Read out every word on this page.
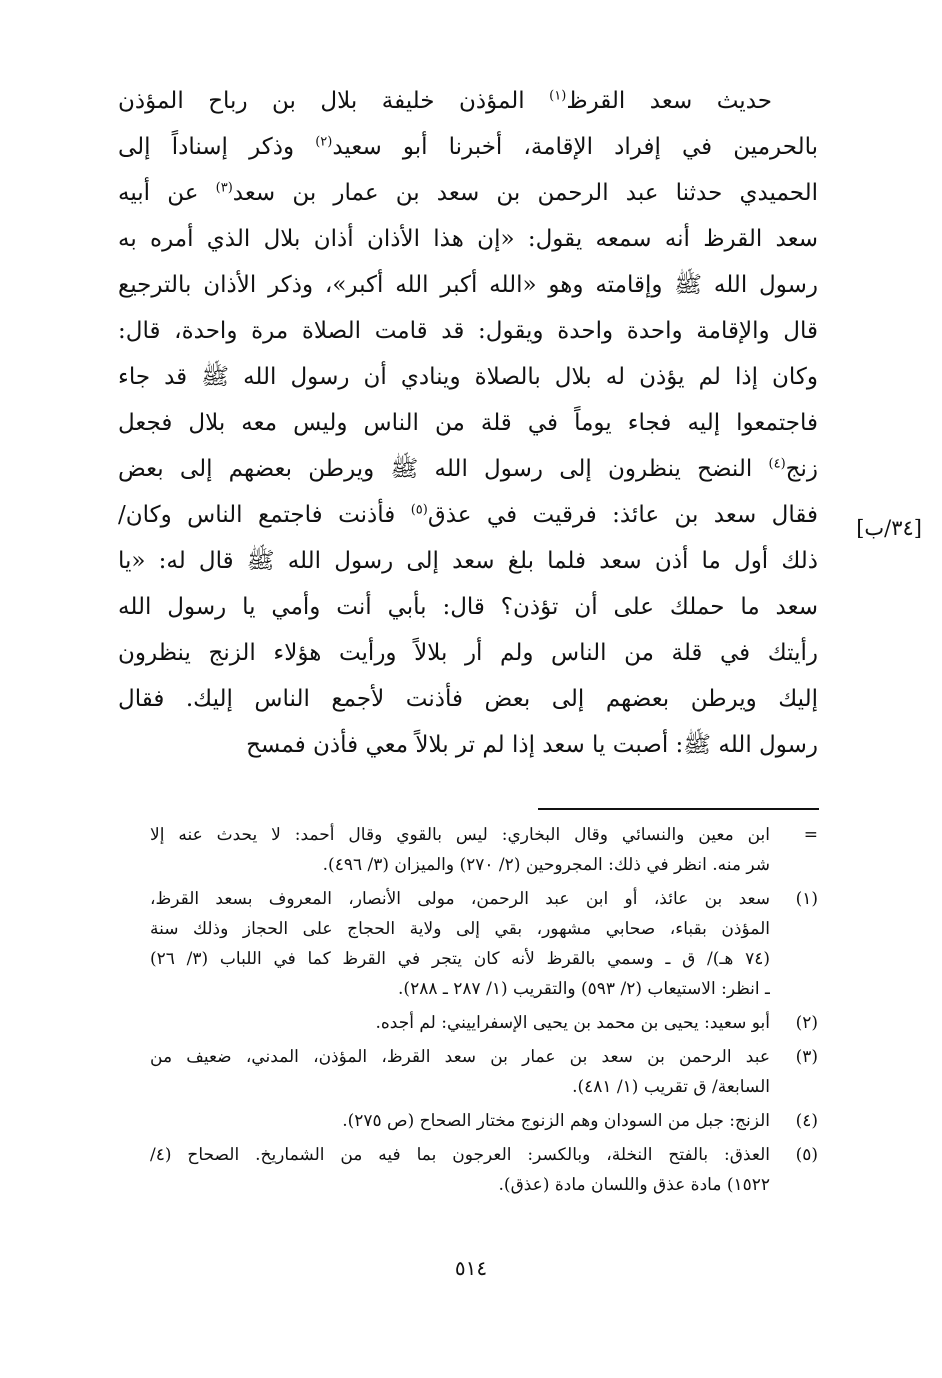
حديث سعد القرظ$^{(١)}$ المؤذن خليفة بلال بن رباح المؤذن
بالحرمين في إفراد الإقامة، أخبرنا أبو سعيد$^{(٢)}$ وذكر إسناداً إلى
الحميدي حدثنا عبد الرحمن بن سعد بن عمار بن سعد$^{(٣)}$ عن أبيه
سعد القرظ أنه سمعه يقول: «إن هذا الأذان أذان بلال الذي أمره به
رسول الله ﷺ وإقامته وهو «الله أكبر الله أكبر»، وذكر الأذان بالترجيع
قال والإقامة واحدة واحدة ويقول: قد قامت الصلاة مرة واحدة، قال:
وكان إذا لم يؤذن له بلال بالصلاة وينادي أن رسول الله ﷺ قد جاء
فاجتمعوا إليه فجاء يوماً في قلة من الناس وليس معه بلال فجعل
زنج$^{(٤)}$ النضح ينظرون إلى رسول الله ﷺ ويرطن بعضهم إلى بعض
فقال سعد بن عائذ: فرقيت في عذق$^{(٥)}$ فأذنت فاجتمع الناس وكان/
ذلك أول ما أذن سعد فلما بلغ سعد إلى رسول الله ﷺ قال له: «يا
سعد ما حملك على أن تؤذن؟ قال: بأبي أنت وأمي يا رسول الله
رأيتك في قلة من الناس ولم أر بلالاً ورأيت هؤلاء الزنج ينظرون
إليك ويرطن بعضهم إلى بعض فأذنت لأجمع الناس إليك. فقال
رسول الله ﷺ: أصبت يا سعد إذا لم تر بلالاً معي فأذن فمسح
[٣٤/ب]
=
ابن معين والنسائي وقال البخاري: ليس بالقوي وقال أحمد: لا يحدث عنه إلا
شر منه. انظر في ذلك: المجروحين (٢/ ٢٧٠) والميزان (٣/ ٤٩٦).
(١)
سعد بن عائذ، أو ابن عبد الرحمن، مولى الأنصار، المعروف بسعد القرظ،
المؤذن بقباء، صحابي مشهور، بقي إلى ولاية الحجاج على الحجاز وذلك سنة
(٧٤ هـ)/ ق ـ وسمي بالقرظ لأنه كان يتجر في القرظ كما في اللباب (٣/ ٢٦)
ـ انظر: الاستيعاب (٢/ ٥٩٣) والتقريب (١/ ٢٨٧ ـ ٢٨٨).
(٢)
أبو سعيد: يحيى بن محمد بن يحيى الإسفراييني: لم أجده.
(٣)
عبد الرحمن بن سعد بن عمار بن سعد القرظ، المؤذن، المدني، ضعيف من
السابعة/ ق تقريب (١/ ٤٨١).
(٤)
الزنج: جبل من السودان وهم الزنوج مختار الصحاح (ص ٢٧٥).
(٥)
العذق: بالفتح النخلة، وبالكسر: العرجون بما فيه من الشماريخ. الصحاح (٤/
١٥٢٢) مادة عذق واللسان مادة (عذق).
٥١٤
